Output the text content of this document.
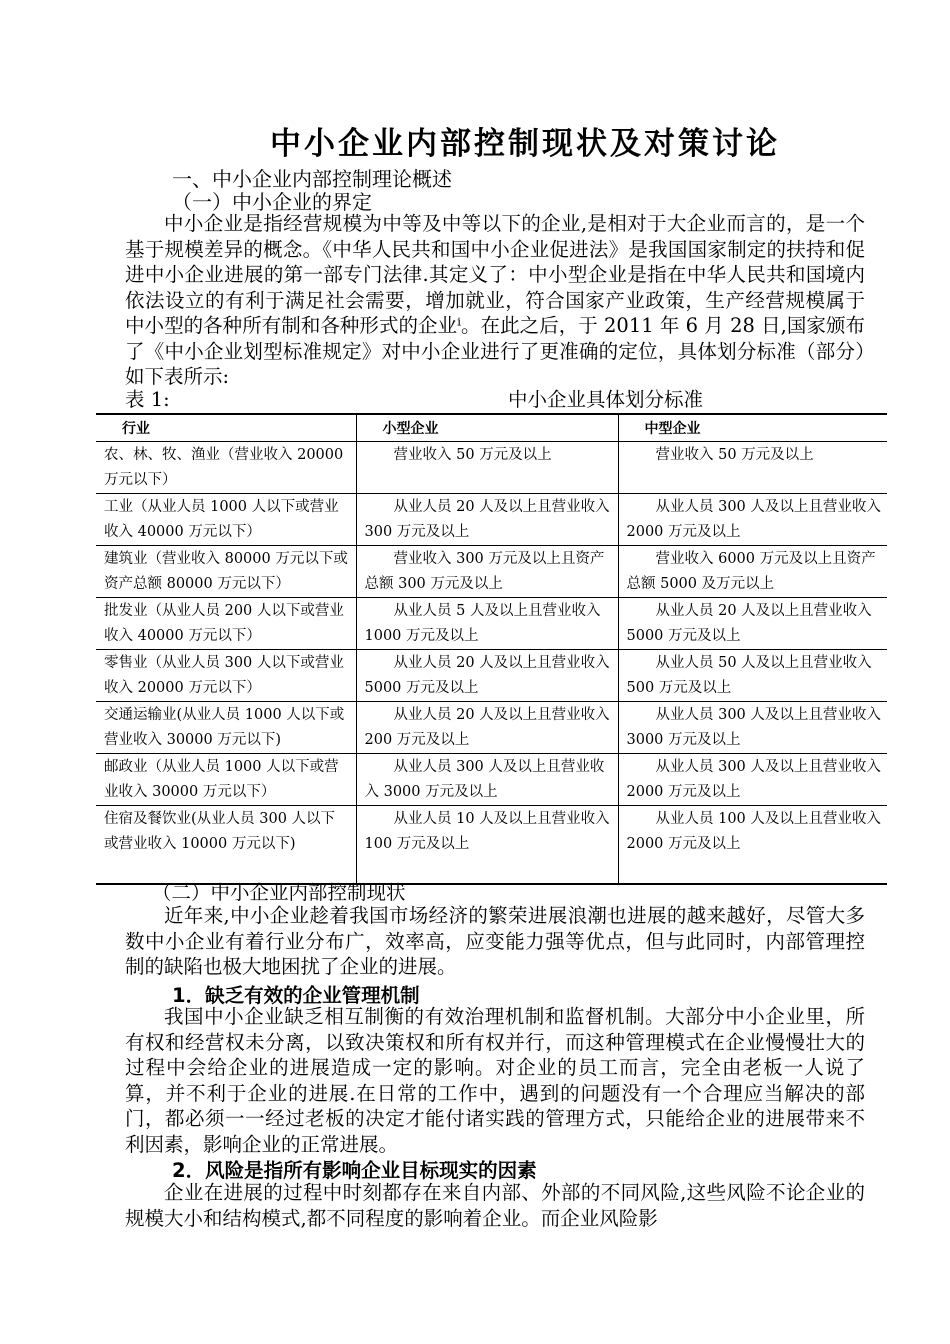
中小企业内部控制现状及对策讨论
一、中小企业内部控制理论概述
（一）中小企业的界定

中小企业是指经营规模为中等及中等以下的企业,是相对于大企业而言的，是一个基于规模差异的概念。《中华人民共和国中小企业促进法》是我国国家制定的扶持和促进中小企业进展的第一部专门法律.其定义了：中小型企业是指在中华人民共和国境内依法设立的有利于满足社会需要，增加就业，符合国家产业政策，生产经营规模属于中小型的各种所有制和各种形式的企业ⁱ。在此之后，于 2011 年 6 月 28 日,国家颁布了《中小企业划型标准规定》对中小企业进行了更准确的定位，具体划分标准（部分）如下表所示:

表 1:	中小企业具体划分标准
行业	小型企业	中型企业
农、林、牧、渔业（营业收入 20000 万元以下）	营业收入 50 万元及以上	营业收入 50 万元及以上
工业（从业人员 1000 人以下或营业收入 40000 万元以下）	从业人员 20 人及以上且营业收入 300 万元及以上	从业人员 300 人及以上且营业收入 2000 万元及以上
建筑业（营业收入 80000 万元以下或资产总额 80000 万元以下）	营业收入 300 万元及以上且资产总额 300 万元及以上	营业收入 6000 万元及以上且资产总额 5000 及万元以上
批发业（从业人员 200 人以下或营业收入 40000 万元以下）	从业人员 5 人及以上且营业收入 1000 万元及以上	从业人员 20 人及以上且营业收入 5000 万元及以上
零售业（从业人员 300 人以下或营业收入 20000 万元以下）	从业人员 20 人及以上且营业收入 5000 万元及以上	从业人员 50 人及以上且营业收入 500 万元及以上
交通运输业(从业人员 1000 人以下或营业收入 30000 万元以下)	从业人员 20 人及以上且营业收入 200 万元及以上	从业人员 300 人及以上且营业收入 3000 万元及以上
邮政业（从业人员 1000 人以下或营业收入 30000 万元以下）	从业人员 300 人及以上且营业收入 3000 万元及以上	从业人员 300 人及以上且营业收入 2000 万元及以上
住宿及餐饮业(从业人员 300 人以下或营业收入 10000 万元以下)	从业人员 10 人及以上且营业收入 100 万元及以上	从业人员 100 人及以上且营业收入 2000 万元及以上
（二）中小企业内部控制现状

近年来,中小企业趁着我国市场经济的繁荣进展浪潮也进展的越来越好，尽管大多数中小企业有着行业分布广，效率高，应变能力强等优点，但与此同时，内部管理控制的缺陷也极大地困扰了企业的进展。

1．缺乏有效的企业管理机制

我国中小企业缺乏相互制衡的有效治理机制和监督机制。大部分中小企业里，所有权和经营权未分离，以致决策权和所有权并行，而这种管理模式在企业慢慢壮大的过程中会给企业的进展造成一定的影响。对企业的员工而言，完全由老板一人说了算，并不利于企业的进展.在日常的工作中，遇到的问题没有一个合理应当解决的部门，都必须一一经过老板的决定才能付诸实践的管理方式，只能给企业的进展带来不利因素，影响企业的正常进展。

2．风险是指所有影响企业目标现实的因素

企业在进展的过程中时刻都存在来自内部、外部的不同风险,这些风险不论企业的规模大小和结构模式,都不同程度的影响着企业。而企业风险影
